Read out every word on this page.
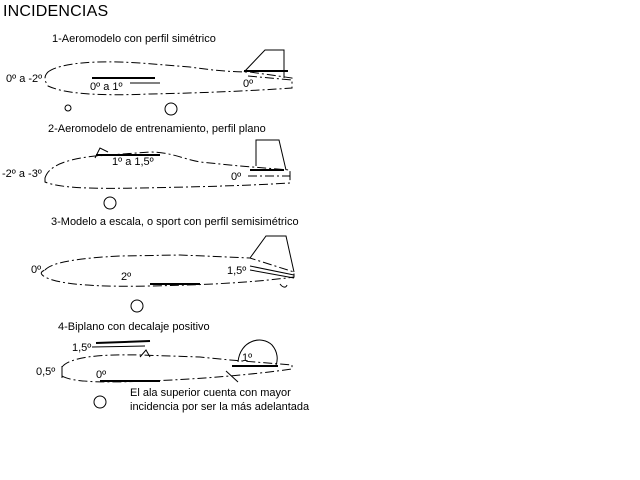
INCIDENCIAS
1-Aeromodelo con perfil simétrico
2-Aeromodelo de entrenamiento, perfil plano
3-Modelo a escala, o sport con perfil semisimétrico
4-Biplano con decalaje positivo
0º a -2º
0º a 1º	0º
-2º a -3º
1º a 1,5º
0º
0º
2º	1,5º
1,5º
0,5º	0º
1º
El ala superior cuenta con mayor
incidencia por ser la más adelantada
